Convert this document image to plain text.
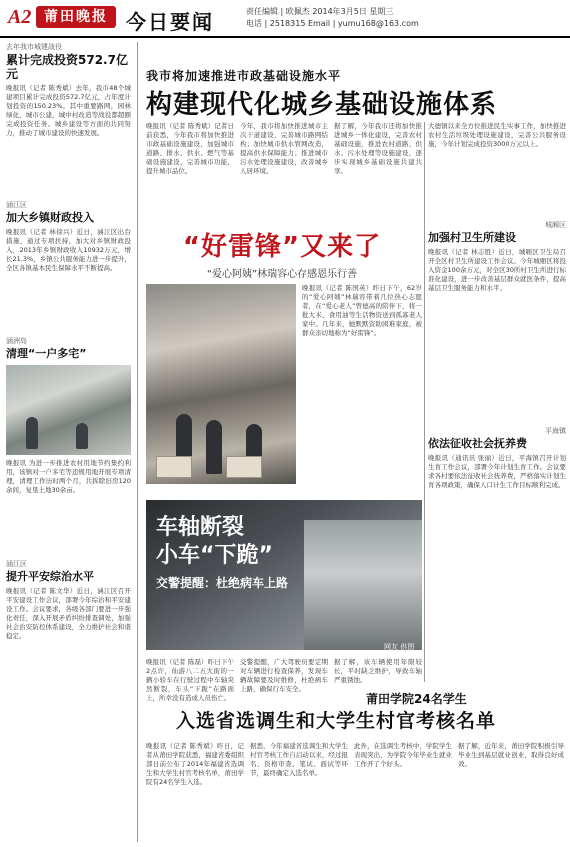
A2 莆田晚报 今日要闻	责任编辑 | 欧佩杰 2014年3月5日 星期三
电话 | 2518315 Email | yumu168@163.com
去年我市城建战役
累计完成投资572.7亿元
晚报讯（记者 陈秀斌）去年，我市48个城建项目累计完成投资572.7亿元，占年度计划投资的150.23%。其中重要路网，园林绿化，城市公建，城中村改造等战役都超额完成投资任务。城乡建设等方面的共同努力，推动了城市建设的快速发展。
涵江区
加大乡镇财政投入
晚报讯（记者 林徐兴）近日，涵江区出台措施，通过专项扶持，加大对乡镇财政投入，2013年乡镇财政收入10932万元，增长21.3%，乡镇公共服务能力进一步提升，全区各镇基本民生保障水平不断提高。
涵洲岛
清理“一户多宅”
晚报讯 为进一步推进农村用地节约集约利用，该镇对一户多宅等违规用地开展专项清理，清理工作历时两个月，共拆除旧房120余间，复垦土地30余亩。
涵江区
提升平安综治水平
晚报讯（记者 陈文华）近日，涵江区召开平安建设工作会议，部署今年综治和平安建设工作。会议要求，各级各部门要进一步强化责任，深入开展矛盾纠纷排查调处，加强社会治安防控体系建设，全力维护社会和谐稳定。
我市将加速推进市政基础设施水平
构建现代化城乡基础设施体系
晚报讯（记者 陈秀斌）记者日前获悉，今年我市将加快推进市政基础设施建设，加强城市道路、排水、供水、燃气等基础设施建设，完善城市功能，提升城市品位。
今年，我市将加快推进城市主次干道建设，完善城市路网结构；加快城市供水管网改造，提高供水保障能力；推进城市污水处理设施建设，改善城乡人居环境。
据了解，今年我市还将加快推进城乡一体化建设，完善农村基础设施，推进农村道路、供水、污水处理等设施建设，逐步实现城乡基础设施共建共享。
“好雷锋”又来了
“爱心阿姨”林瑞容心存感恩乐行善
晚报讯（记者 陈国英）昨日下午，62岁的“爱心阿姨”林瑞容带着几位热心志愿者，在“爱心老人”曾德高的陪伴下，将一批大米、食用油等生活物资送到孤寡老人家中。几年来，她默默资助困难家庭，被群众亲切地称为“好雷锋”。
大德镇以来全方位推进民生实事工作，加快推进农村生活垃圾处理设施建设，完善公共服务设施，今年计划完成投资3000万元以上。
城厢区
加强村卫生所建设
晚报讯（记者 林志胜）近日，城厢区卫生局召开全区村卫生所建设工作会议。今年城厢区将投入资金100余万元，对全区30所村卫生所进行标准化建设，进一步改善基层群众就医条件，提高基层卫生服务能力和水平。
平海镇
依法征收社会抚养费
晚报讯（通讯员 张丽）近日，平海镇召开计划生育工作会议，部署今年计划生育工作。会议要求各村要依法征收社会抚养费，严格落实计划生育各项政策，确保人口计生工作目标顺利完成。
车轴断裂
小车“下跪”
交警提醒：杜绝病车上路
网友 供图
晚报讯（记者 陈磊）昨日下午2点许，仙游八二五大街的一辆小轿车在行驶过程中车轴突然断裂，车头“下跪”在路面上，所幸没有造成人员伤亡。
交警提醒，广大驾驶员要定期对车辆进行检查保养，发现车辆故障要及时维修，杜绝病车上路，确保行车安全。
据了解，该车辆使用年限较长，平时缺乏维护，导致车轴严重锈蚀。
莆田学院24名学生
入选省选调生和大学生村官考核名单
晚报讯（记者 陈秀斌）昨日，记者从莆田学院获悉，福建省委组织部日前公布了2014年福建省选调生和大学生村官考核名单，莆田学院有24名学生入选。
据悉，今年福建省选调生和大学生村官考核工作自启动以来，经过报名、资格审查、笔试、面试等环节，最终确定入选名单。
此外，在选调生考核中，学院学生表现突出，为学院今年毕业生就业工作开了个好头。
据了解，近年来，莆田学院积极引导毕业生到基层就业创业，取得良好成效。
